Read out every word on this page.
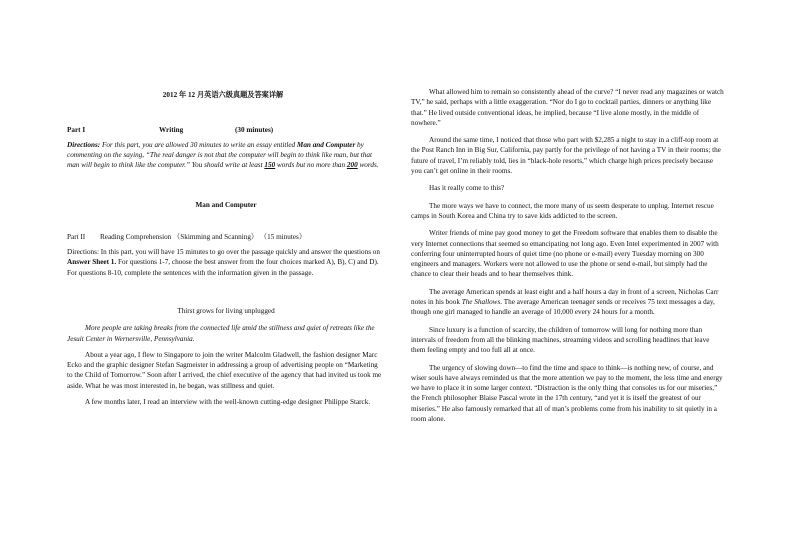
2012 年 12 月英语六级真题及答案详解

Part I	Writing	(30 minutes)

Directions: For this part, you are allowed 30 minutes to write an essay entitled Man and Computer by commenting on the saying, “The real danger is not that the computer will begin to think like man, but that man will begin to think like the computer.” You should write at least 150 words but no more than 200 words.

Man and Computer

Part II Reading Comprehension （Skimming and Scanning） （15 minutes）

Directions: In this part, you will have 15 minutes to go over the passage quickly and answer the questions on Answer Sheet 1. For questions 1-7, choose the best answer from the four choices marked A), B), C) and D). For questions 8-10, complete the sentences with the information given in the passage.

Thirst grows for living unplugged

More people are taking breaks from the connected life amid the stillness and quiet of retreats like the Jesuit Center in Wernersville, Pennsylvania.

About a year ago, I flew to Singapore to join the writer Malcolm Gladwell, the fashion designer Marc Ecko and the graphic designer Stefan Sagmeister in addressing a group of advertising people on “Marketing to the Child of Tomorrow.” Soon after I arrived, the chief executive of the agency that had invited us took me aside. What he was most interested in, he began, was stillness and quiet.

A few months later, I read an interview with the well-known cutting-edge designer Philippe Starck.

What allowed him to remain so consistently ahead of the curve? “I never read any magazines or watch TV,” he said, perhaps with a little exaggeration. “Nor do I go to cocktail parties, dinners or anything like that.” He lived outside conventional ideas, he implied, because “I live alone mostly, in the middle of nowhere.”

Around the same time, I noticed that those who part with $2,285 a night to stay in a cliff-top room at the Post Ranch Inn in Big Sur, California, pay partly for the privilege of not having a TV in their rooms; the future of travel, I’m reliably told, lies in “black-hole resorts,” which charge high prices precisely because you can’t get online in their rooms.

Has it really come to this?

The more ways we have to connect, the more many of us seem desperate to unplug. Internet rescue camps in South Korea and China try to save kids addicted to the screen.

Writer friends of mine pay good money to get the Freedom software that enables them to disable the very Internet connections that seemed so emancipating not long ago. Even Intel experimented in 2007 with conferring four uninterrupted hours of quiet time (no phone or e-mail) every Tuesday morning on 300 engineers and managers. Workers were not allowed to use the phone or send e-mail, but simply had the chance to clear their heads and to hear themselves think.

The average American spends at least eight and a half hours a day in front of a screen, Nicholas Carr notes in his book The Shallows. The average American teenager sends or receives 75 text messages a day, though one girl managed to handle an average of 10,000 every 24 hours for a month.

Since luxury is a function of scarcity, the children of tomorrow will long for nothing more than intervals of freedom from all the blinking machines, streaming videos and scrolling headlines that leave them feeling empty and too full all at once.

The urgency of slowing down—to find the time and space to think—is nothing new, of course, and wiser souls have always reminded us that the more attention we pay to the moment, the less time and energy we have to place it in some larger context. “Distraction is the only thing that consoles us for our miseries,” the French philosopher Blaise Pascal wrote in the 17th century, “and yet it is itself the greatest of our miseries.” He also famously remarked that all of man’s problems come from his inability to sit quietly in a room alone.
